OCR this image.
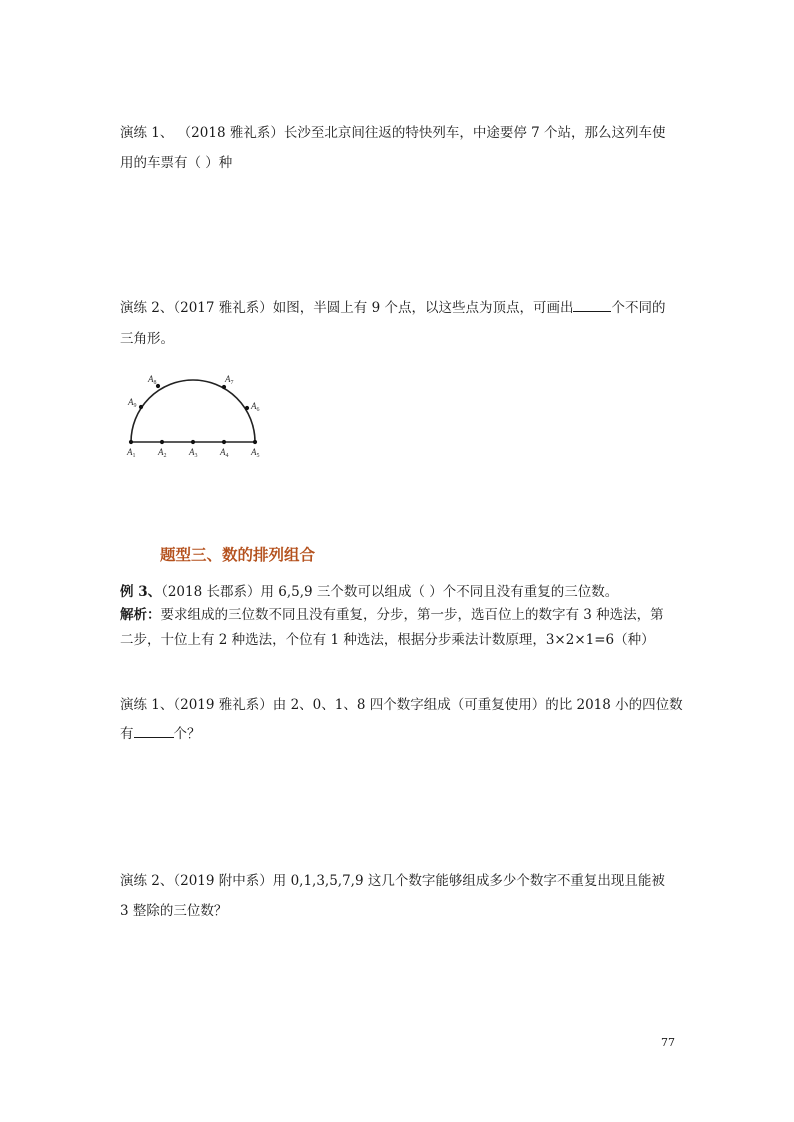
演练 1、 （2018 雅礼系）长沙至北京间往返的特快列车，中途要停 7 个站，那么这列车使
用的车票有（ ）种
演练 2、（2017 雅礼系）如图，半圆上有 9 个点，以这些点为顶点，可画出	个不同的
三角形。
$A_1$	$A_2$	$A_3$	$A_4$	$A_5$
$A_6$
$A_7$
$A_8$
$A_9$
题型三、数的排列组合
例 3、（2018 长郡系）用 6,5,9 三个数可以组成（ ）个不同且没有重复的三位数。
解析：要求组成的三位数不同且没有重复，分步，第一步，选百位上的数字有 3 种选法，第
二步，十位上有 2 种选法，个位有 1 种选法，根据分步乘法计数原理，3×2×1=6（种）
演练 1、（2019 雅礼系）由 2、0、1、8 四个数字组成（可重复使用）的比 2018 小的四位数
有	个？
演练 2、（2019 附中系）用 0,1,3,5,7,9 这几个数字能够组成多少个数字不重复出现且能被
3 整除的三位数？
77
